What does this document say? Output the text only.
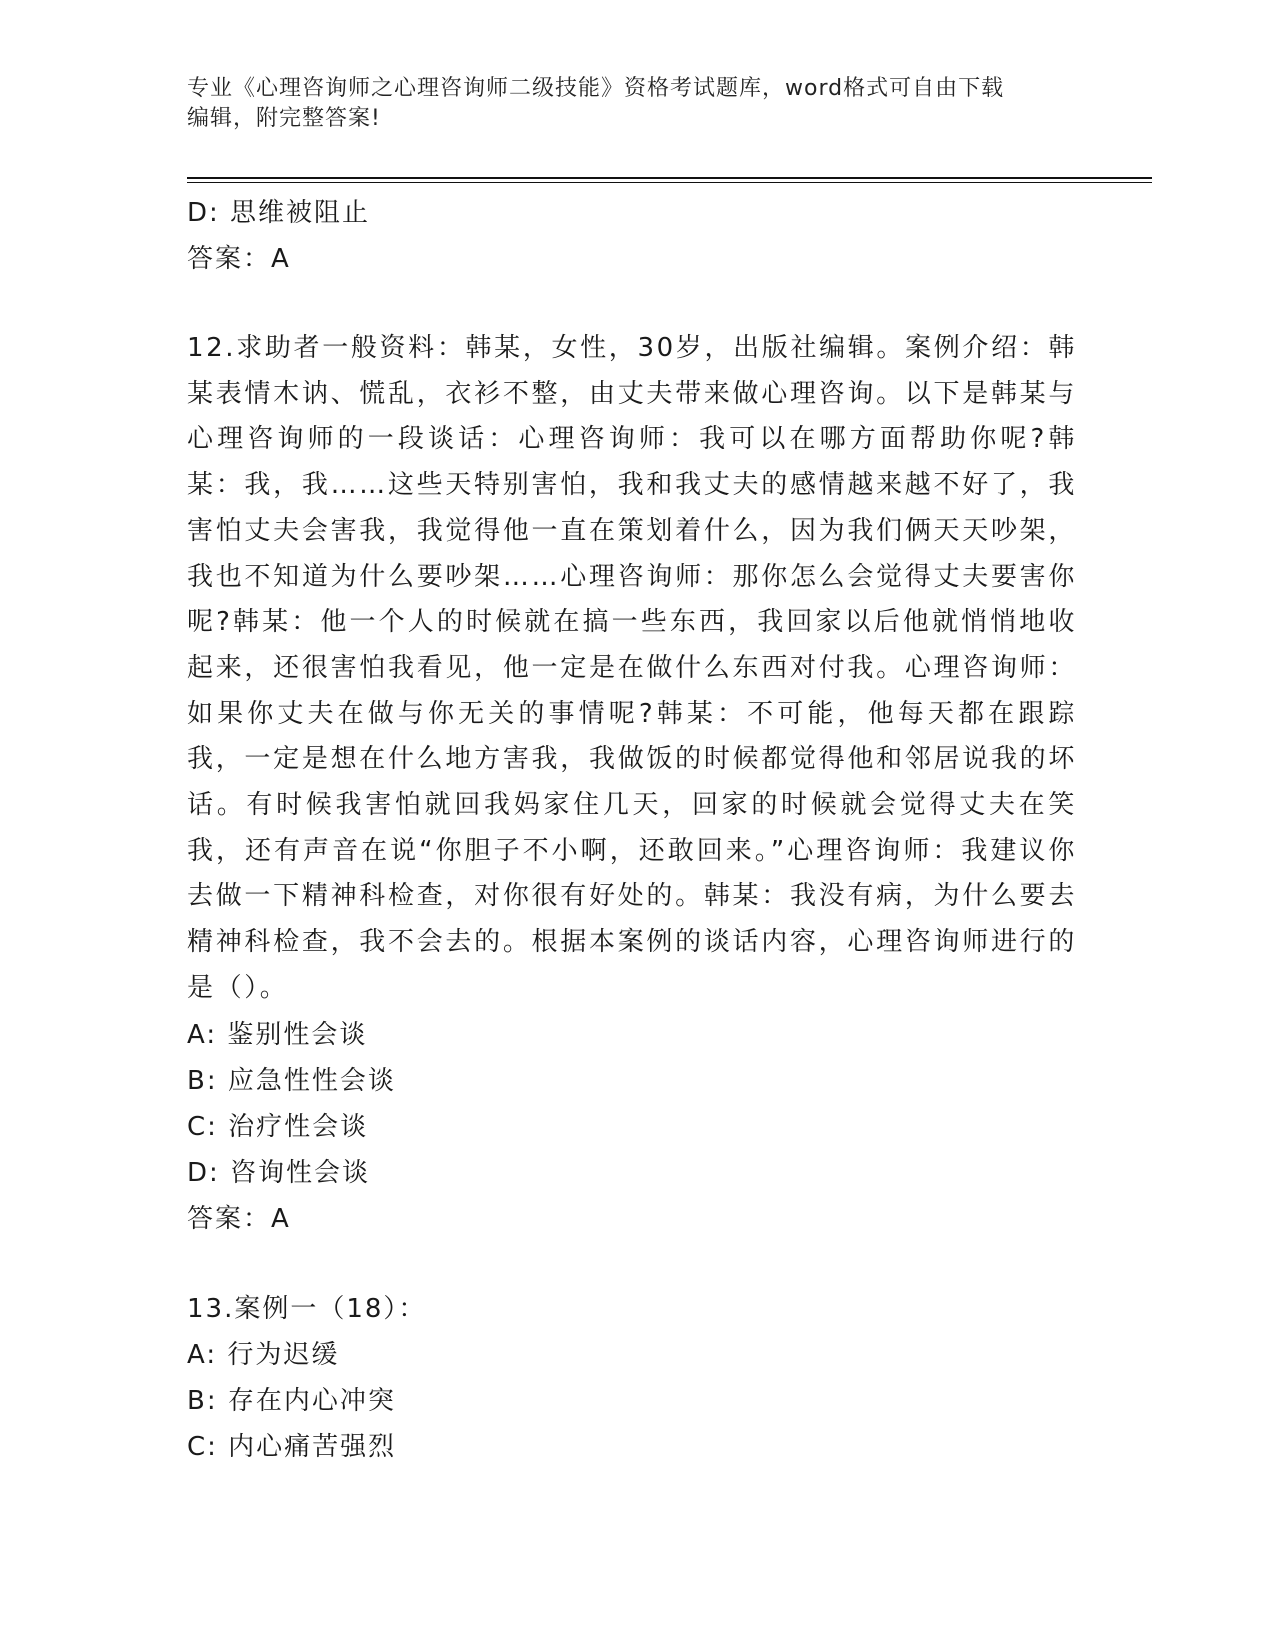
专业《心理咨询师之心理咨询师二级技能》资格考试题库，word格式可自由下载
编辑，附完整答案!
D: 思维被阻止
答案：A
12.求助者一般资料：韩某，女性，30岁，出版社编辑。案例介绍：韩某表情木讷、慌乱，衣衫不整，由丈夫带来做心理咨询。以下是韩某与心理咨询师的一段谈话：心理咨询师：我可以在哪方面帮助你呢?韩某：我，我……这些天特别害怕，我和我丈夫的感情越来越不好了，我害怕丈夫会害我，我觉得他一直在策划着什么，因为我们俩天天吵架，我也不知道为什么要吵架……心理咨询师：那你怎么会觉得丈夫要害你呢?韩某：他一个人的时候就在搞一些东西，我回家以后他就悄悄地收起来，还很害怕我看见，他一定是在做什么东西对付我。心理咨询师：如果你丈夫在做与你无关的事情呢?韩某：不可能，他每天都在跟踪我，一定是想在什么地方害我，我做饭的时候都觉得他和邻居说我的坏话。有时候我害怕就回我妈家住几天，回家的时候就会觉得丈夫在笑我，还有声音在说“你胆子不小啊，还敢回来。”心理咨询师：我建议你去做一下精神科检查，对你很有好处的。韩某：我没有病，为什么要去精神科检查，我不会去的。根据本案例的谈话内容，心理咨询师进行的是（）。
A: 鉴别性会谈
B: 应急性性会谈
C: 治疗性会谈
D: 咨询性会谈
答案：A
13.案例一（18）：
A: 行为迟缓
B: 存在内心冲突
C: 内心痛苦强烈
